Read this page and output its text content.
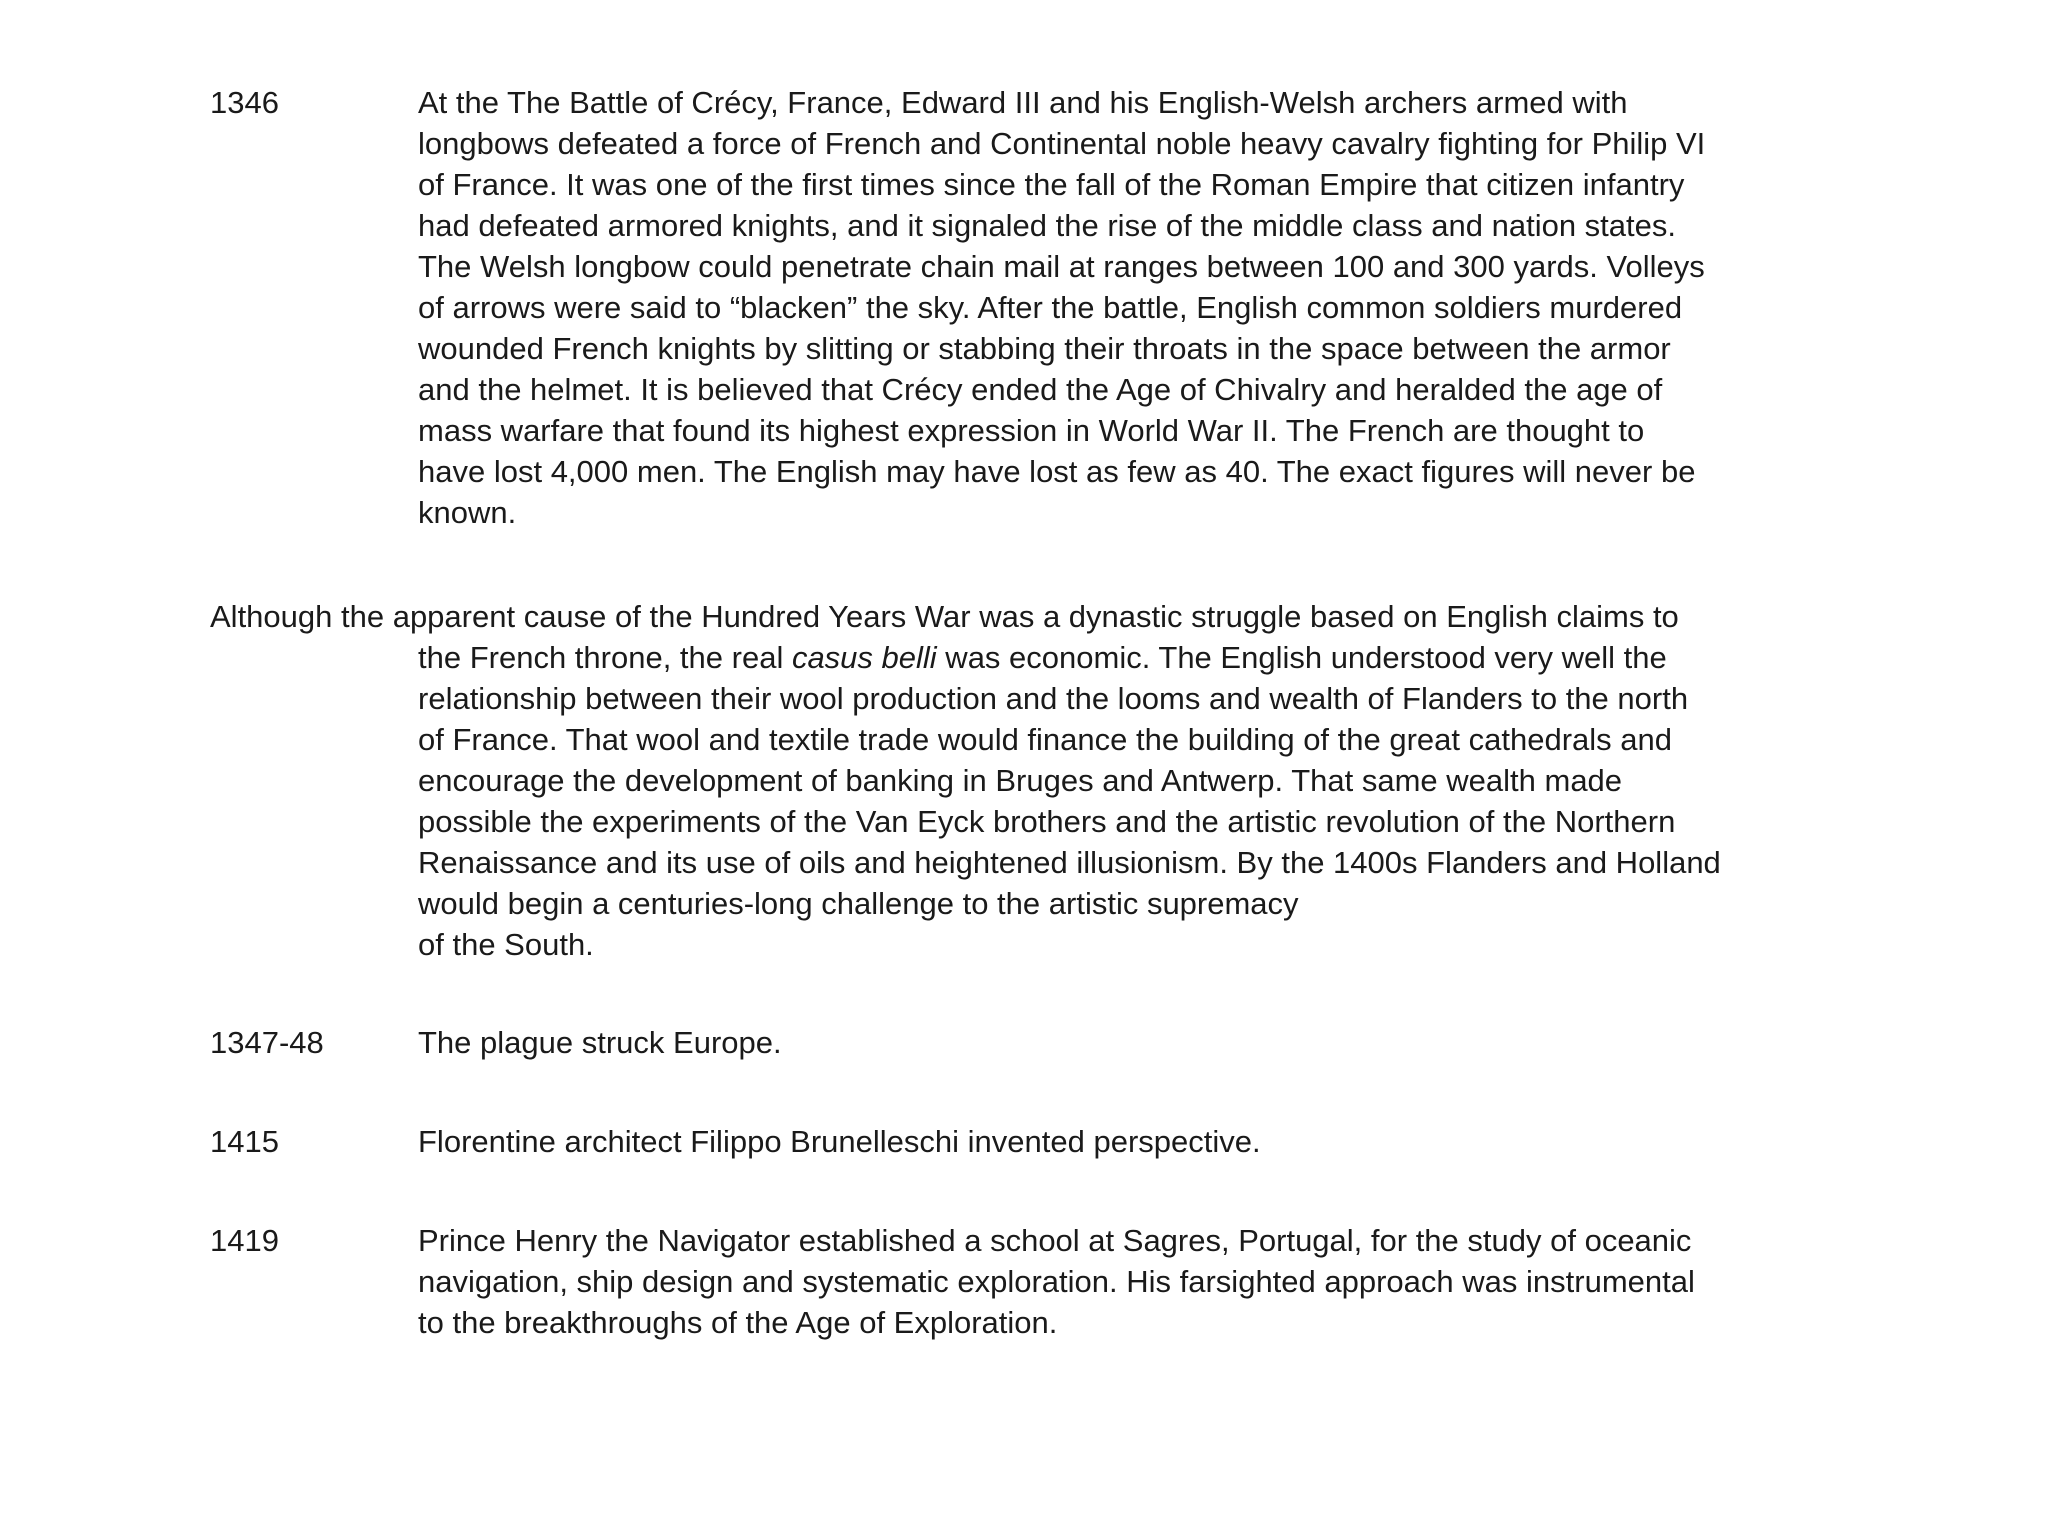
1346	At the The Battle of Crécy, France, Edward III and his English-Welsh archers armed with
longbows defeated a force of French and Continental noble heavy cavalry fighting for Philip VI
of France. It was one of the first times since the fall of the Roman Empire that citizen infantry
had defeated armored knights, and it signaled the rise of the middle class and nation states.
The Welsh longbow could penetrate chain mail at ranges between 100 and 300 yards. Volleys
of arrows were said to “blacken” the sky. After the battle, English common soldiers murdered
wounded French knights by slitting or stabbing their throats in the space between the armor
and the helmet. It is believed that Crécy ended the Age of Chivalry and heralded the age of
mass warfare that found its highest expression in World War II. The French are thought to
have lost 4,000 men. The English may have lost as few as 40. The exact figures will never be
known.
Although the apparent cause of the Hundred Years War was a dynastic struggle based on English claims to
the French throne, the real casus belli was economic. The English understood very well the
relationship between their wool production and the looms and wealth of Flanders to the north
of France. That wool and textile trade would finance the building of the great cathedrals and
encourage the development of banking in Bruges and Antwerp. That same wealth made
possible the experiments of the Van Eyck brothers and the artistic revolution of the Northern
Renaissance and its use of oils and heightened illusionism. By the 1400s Flanders and Holland
would begin a centuries-long challenge to the artistic supremacy
of the South.
1347-48	The plague struck Europe.
1415	Florentine architect Filippo Brunelleschi invented perspective.
1419	Prince Henry the Navigator established a school at Sagres, Portugal, for the study of oceanic
navigation, ship design and systematic exploration. His farsighted approach was instrumental
to the breakthroughs of the Age of Exploration.
